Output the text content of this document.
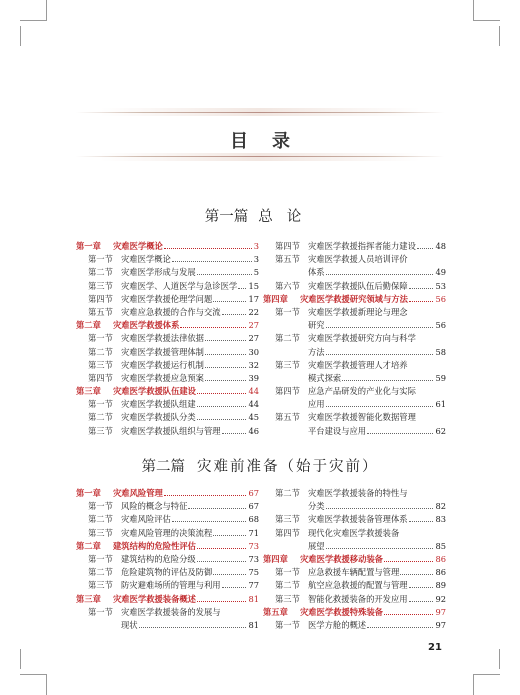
目 录
第一篇 总论
第二篇 灾难前准备（始于灾前）
第一章 灾难医学概论	3
第一节 灾难医学概论	3
第二节 灾难医学形成与发展	5
第三节 灾难医学、人道医学与急诊医学 15
第四节 灾难医学救援伦理学问题	17
第五节 灾难应急救援的合作与交流	22
第二章 灾难医学救援体系	27
第一节 灾难医学救援法律依据	27
第二节 灾难医学救援管理体制	30
第三节 灾难医学救援运行机制	32
第四节 灾难医学救援应急预案	39
第三章 灾难医学救援队伍建设	44
第一节 灾难医学救援队组建	44
第二节 灾难医学救援队分类	45
第三节 灾难医学救援队组织与管理	46
第四节 灾难医学救援指挥者能力建设 48
第五节 灾难医学救援人员培训评价
体系	49
第六节 灾难医学救援队伍后勤保障	53
第四章 灾难医学救援研究领域与方法	56
第一节 灾难医学救援新理论与理念
研究	56
第二节 灾难医学救援研究方向与科学
方法	58
第三节 灾难医学救援管理人才培养
模式探索	59
第四节 应急产品研发的产业化与实际
应用	61
第五节 灾难医学救援智能化数据管理
平台建设与应用	62
第一章 灾难风险管理	67
第一节 风险的概念与特征	67
第二节 灾难风险评估	68
第三节 灾难风险管理的决策流程	71
第二章 建筑结构的危险性评估	73
第一节 建筑结构的危险分级	73
第二节 危险建筑物的评估及防御	75
第三节 防灾避难场所的管理与利用	77
第三章 灾难医学救援装备概述	81
第一节 灾难医学救援装备的发展与
现状	81
第二节 灾难医学救援装备的特性与
分类	82
第三节 灾难医学救援装备管理体系	83
第四节 现代化灾难医学救援装备
展望	85
第四章 灾难医学救援移动装备	86
第一节 应急救援车辆配置与管理	86
第二节 航空应急救援的配置与管理	89
第三节 智能化救援装备的开发应用	92
第五章 灾难医学救援特殊装备	97
第一节 医学方舱的概述	97
21
